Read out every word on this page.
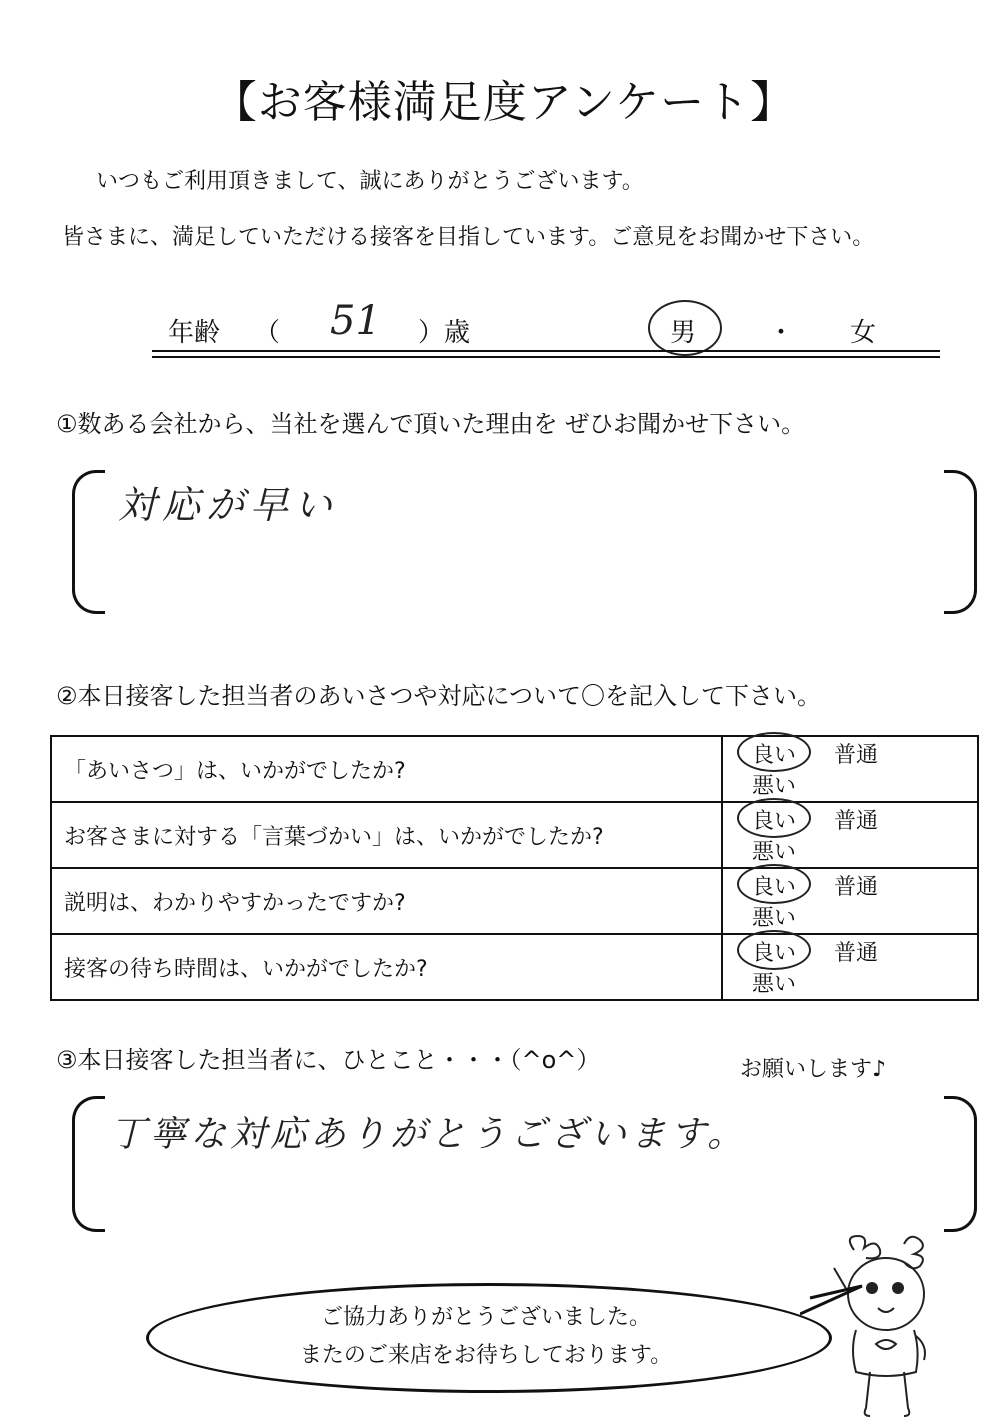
【お客様満足度アンケート】
いつもご利用頂きまして、誠にありがとうございます。
皆さまに、満足していただける接客を目指しています。ご意見をお聞かせ下さい。
年齢 （ 51 ）歳	男	・ 女
①数ある会社から、当社を選んで頂いた理由を ぜひお聞かせ下さい。
対応が早い
②本日接客した担当者のあいさつや対応について〇を記入して下さい。
「あいさつ」は、いかがでしたか?	良い 普通悪い
お客さまに対する「言葉づかい」は、いかがでしたか?	良い 普通悪い
説明は、わかりやすかったですか?	良い 普通悪い
接客の待ち時間は、いかがでしたか?	良い 普通悪い
③本日接客した担当者に、ひとこと・・・（^o^）	お願いします♪
丁寧な対応ありがとうございます。
ご協力ありがとうございました。
またのご来店をお待ちしております。
